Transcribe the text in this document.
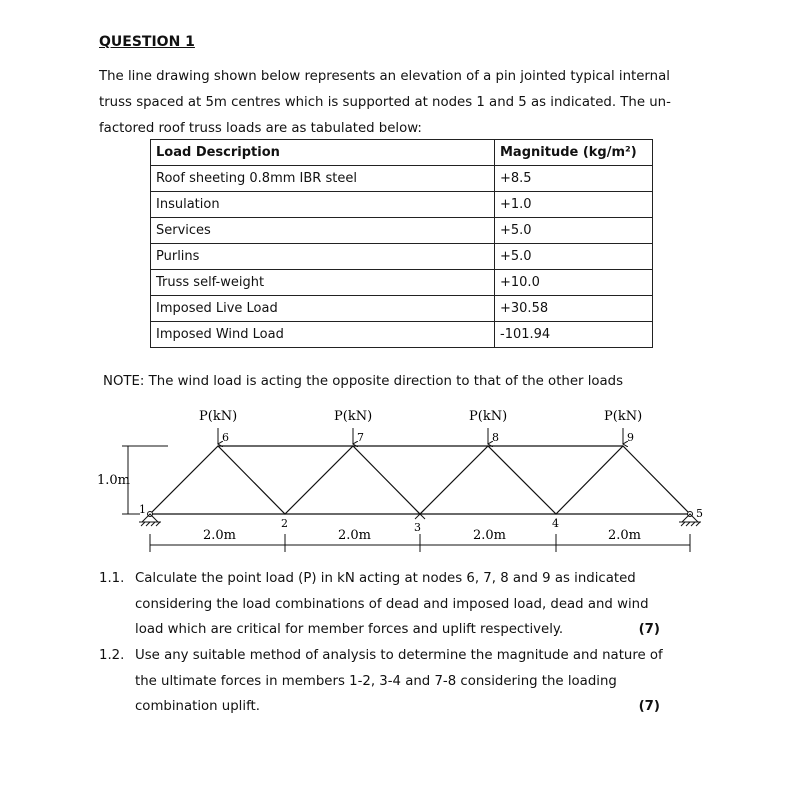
QUESTION 1

The line drawing shown below represents an elevation of a pin jointed typical internal truss spaced at 5m centres which is supported at nodes 1 and 5 as indicated. The un-factored roof truss loads are as tabulated below:

Load Description	Magnitude (kg/m²)
Roof sheeting 0.8mm IBR steel	+8.5
Insulation	+1.0
Services	+5.0
Purlins	+5.0
Truss self-weight	+10.0
Imposed Live Load	+30.58
Imposed Wind Load	-101.94
NOTE: The wind load is acting the opposite direction to that of the other loads
P(kN)	P(kN)	P(kN)	P(kN)
6	7	8	9
1
2	3	4
5
1.0m
2.0m	2.0m	2.0m	2.0m
1.1. Calculate the point load (P) in kN acting at nodes 6, 7, 8 and 9 as indicated considering the load combinations of dead and imposed load, dead and wind load which are critical for member forces and uplift respectively.	(7)
1.2. Use any suitable method of analysis to determine the magnitude and nature of the ultimate forces in members 1-2, 3-4 and 7-8 considering the loading combination uplift.	(7)
